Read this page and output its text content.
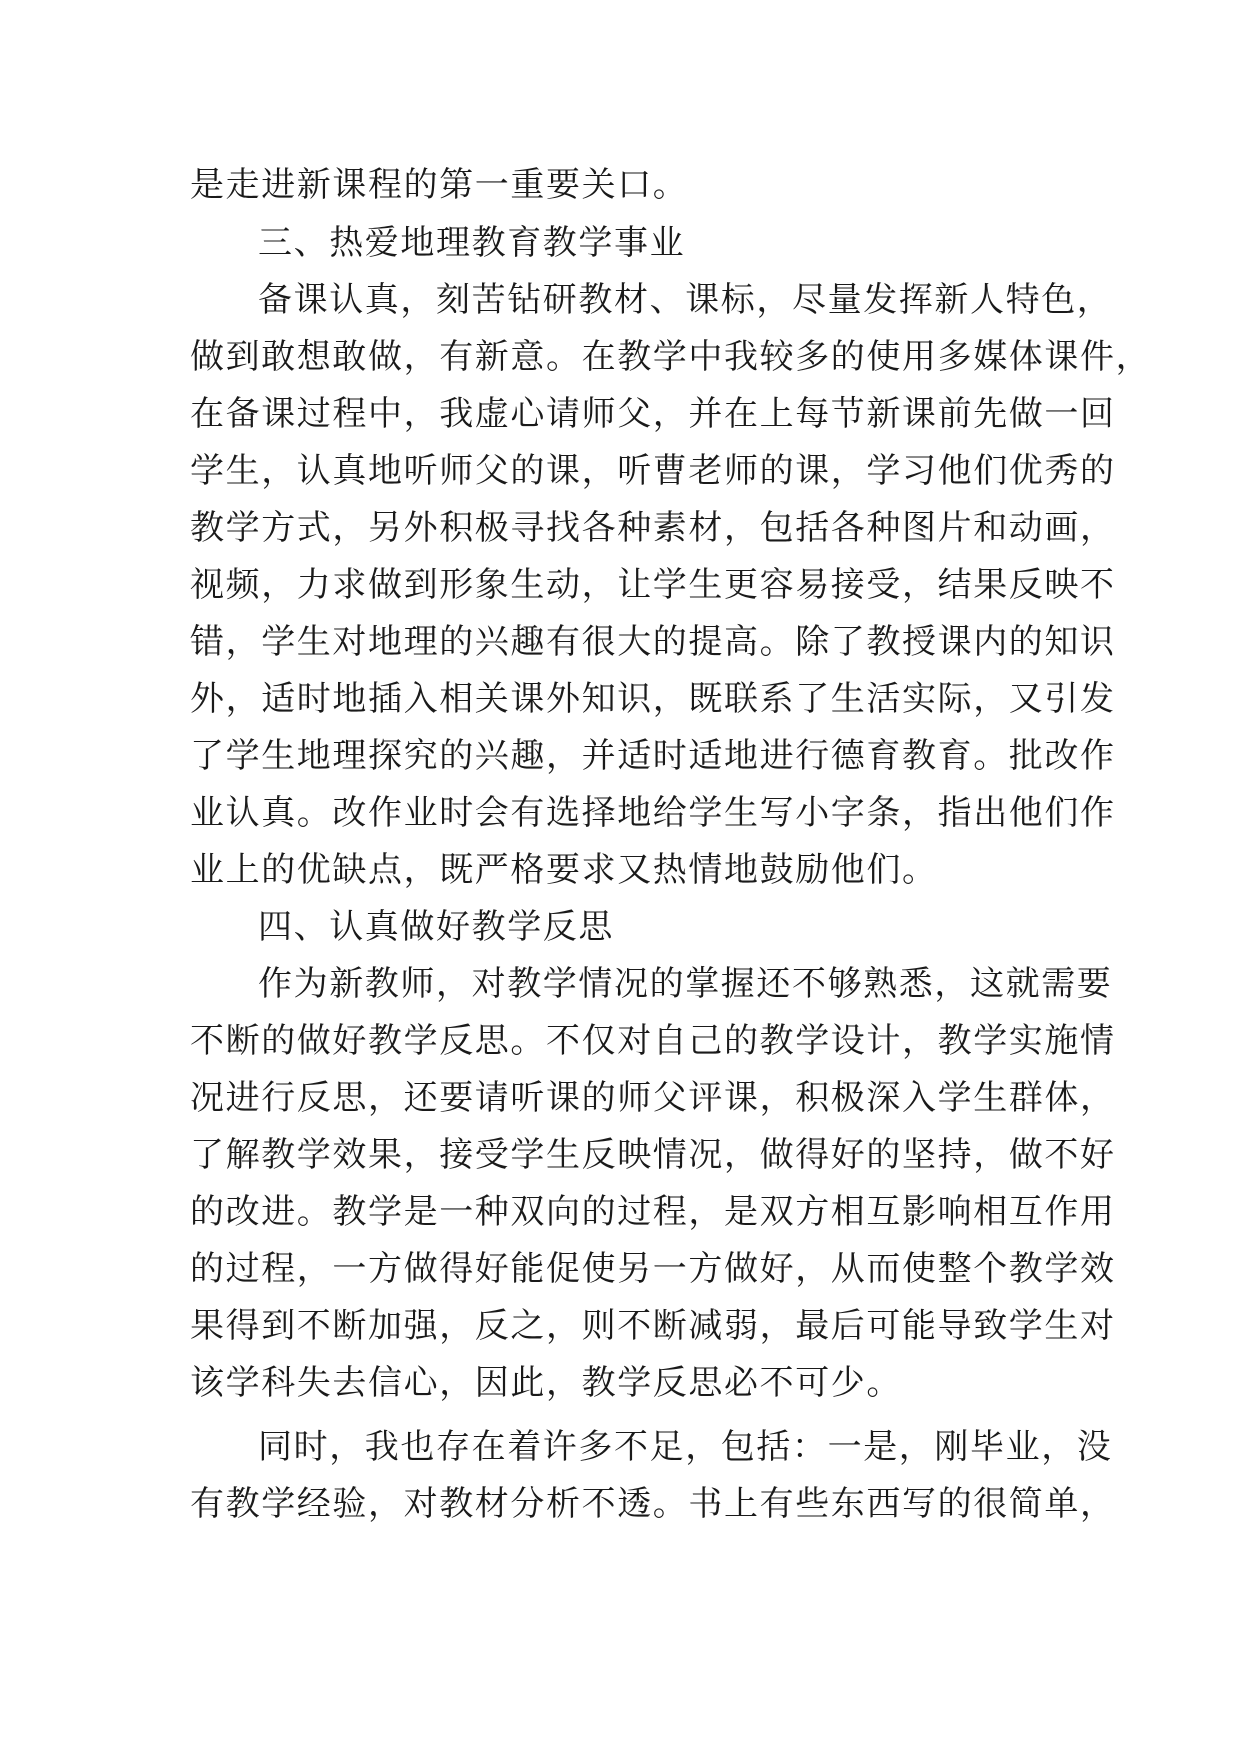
是走进新课程的第一重要关口。
三、热爱地理教育教学事业
备课认真，刻苦钻研教材、课标，尽量发挥新人特色，
做到敢想敢做，有新意。在教学中我较多的使用多媒体课件，
在备课过程中，我虚心请师父，并在上每节新课前先做一回
学生，认真地听师父的课，听曹老师的课，学习他们优秀的
教学方式，另外积极寻找各种素材，包括各种图片和动画，
视频，力求做到形象生动，让学生更容易接受，结果反映不
错，学生对地理的兴趣有很大的提高。除了教授课内的知识
外，适时地插入相关课外知识，既联系了生活实际，又引发
了学生地理探究的兴趣，并适时适地进行德育教育。批改作
业认真。改作业时会有选择地给学生写小字条，指出他们作
业上的优缺点，既严格要求又热情地鼓励他们。
四、认真做好教学反思
作为新教师，对教学情况的掌握还不够熟悉，这就需要
不断的做好教学反思。不仅对自己的教学设计，教学实施情
况进行反思，还要请听课的师父评课，积极深入学生群体，
了解教学效果，接受学生反映情况，做得好的坚持，做不好
的改进。教学是一种双向的过程，是双方相互影响相互作用
的过程，一方做得好能促使另一方做好，从而使整个教学效
果得到不断加强，反之，则不断减弱，最后可能导致学生对
该学科失去信心，因此，教学反思必不可少。
同时，我也存在着许多不足，包括：一是，刚毕业，没
有教学经验，对教材分析不透。书上有些东西写的很简单，
